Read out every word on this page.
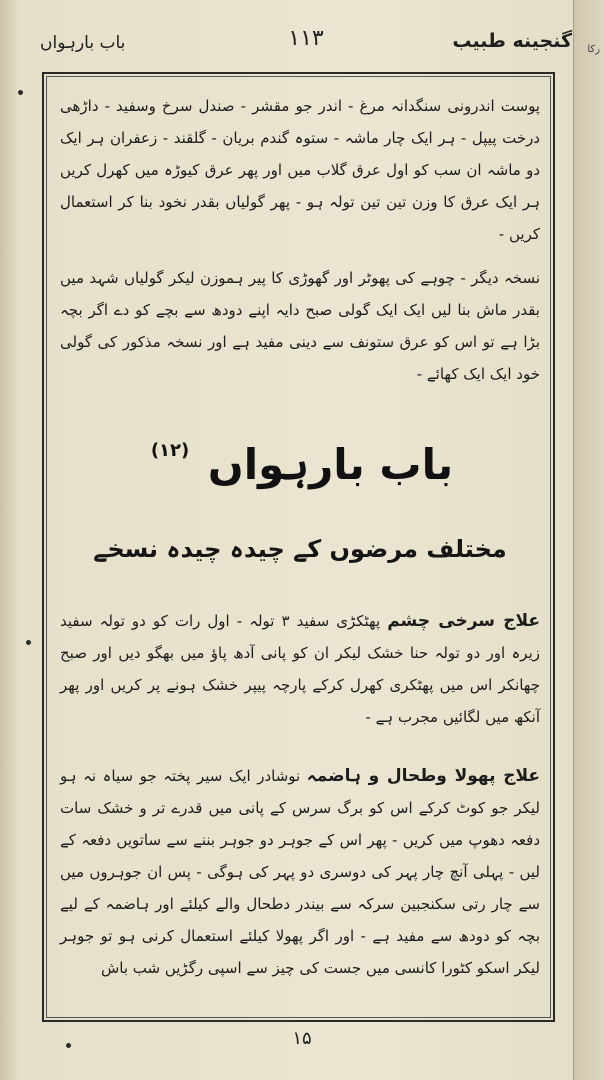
رکا
گنجینه طبیب
۱۱۳
باب بارہواں
پوست اندرونی سنگدانہ مرغ - اندر جو مقشر - صندل سرخ وسفید - داڑھی درخت پیپل - ہر ایک چار ماشہ - ستوہ گندم بریان - گلقند - زعفران ہر ایک دو ماشہ ان سب کو اول عرق گلاب میں اور پھر عرق کیوڑہ میں کھرل کریں ہر ایک عرق کا وزن تین تین تولہ ہو - پھر گولیاں بقدر نخود بنا کر استعمال کریں -
نسخہ دیگر - چوہے کی پھوٹر اور گھوڑی کا پیر ہموزن لیکر گولیاں شہد میں بقدر ماش بنا لیں ایک ایک گولی صبح دایہ اپنے دودھ سے بچے کو دے اگر بچہ بڑا ہے تو اس کو عرق ستونف سے دینی مفید ہے اور نسخہ مذکور کی گولی خود ایک ایک کھائے -
باب بارہواں (۱۲)
مختلف مرضوں کے چیدہ چیدہ نسخے
علاج سرخی چشم پھٹکڑی سفید ۳ تولہ - اول رات کو دو تولہ سفید زیرہ اور دو تولہ حنا خشک لیکر ان کو پانی آدھ پاؤ میں بھگو دیں اور صبح چھانکر اس میں پھٹکری کھرل کرکے پارچہ پیپر خشک ہونے پر کریں اور پھر آنکھ میں لگائیں مجرب ہے -
علاج پھولا وطحال و ہاضمہ نوشادر ایک سیر پختہ جو سیاہ نہ ہو لیکر جو کوٹ کرکے اس کو برگ سرس کے پانی میں قدرے تر و خشک سات دفعہ دھوپ میں کریں - پھر اس کے جوہر دو جوہر بننے سے ساتویں دفعہ کے لیں - پہلی آنچ چار پہر کی دوسری دو پہر کی ہوگی - پس ان جوہروں میں سے چار رتی سکنجبین سرکہ سے بیندر دطحال والے کیلئے اور ہاضمہ کے لیے بچہ کو دودھ سے مفید ہے - اور اگر پھولا کیلئے استعمال کرنی ہو تو جوہر لیکر اسکو کٹورا کانسی میں جست کی چیز سے اسپی رگڑیں شب باش
۱۵
